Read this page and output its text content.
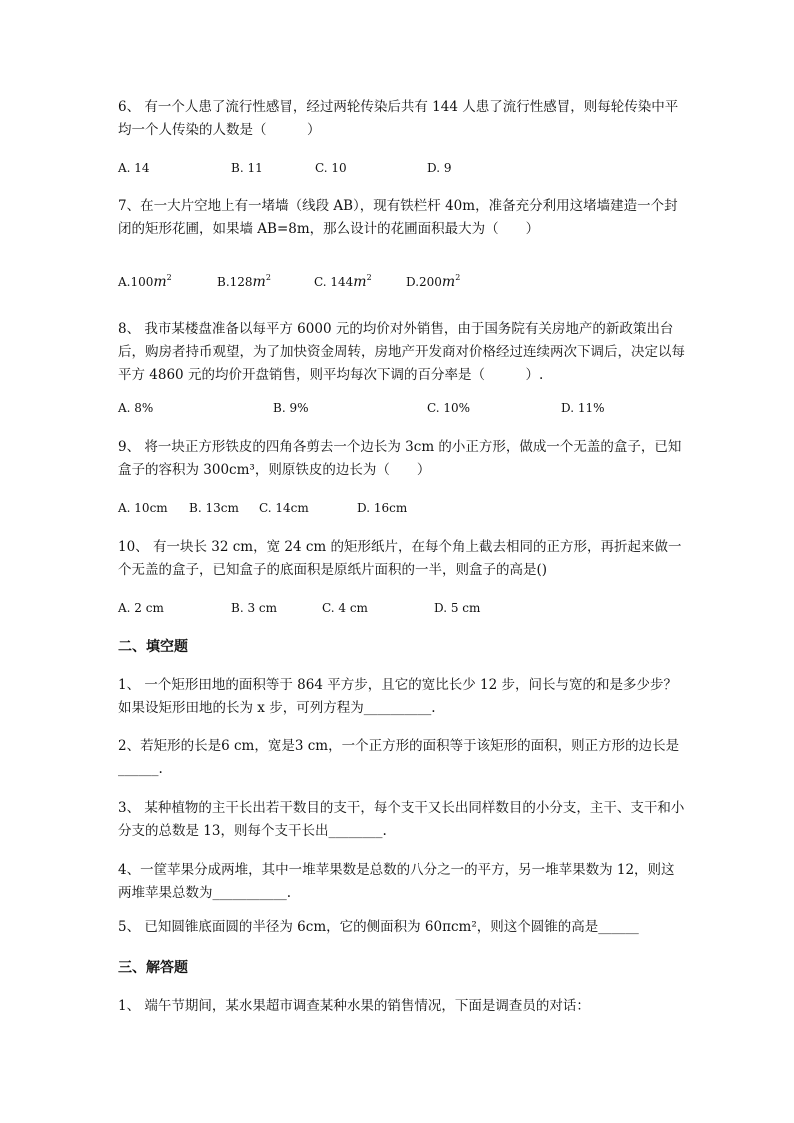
6、 有一个人患了流行性感冒，经过两轮传染后共有 144 人患了流行性感冒，则每轮传染中平均一个人传染的人数是（　　　）
A. 14	B. 11	C. 10	D. 9
7、在一大片空地上有一堵墙（线段 AB），现有铁栏杆 40m，准备充分利用这堵墙建造一个封闭的矩形花圃，如果墙 AB=8m，那么设计的花圃面积最大为（　　）
$A.100m^2$	$B.128m^2$	C. $144m^2$	$D.200m^2$
8、 我市某楼盘准备以每平方 6000 元的均价对外销售，由于国务院有关房地产的新政策出台后，购房者持币观望，为了加快资金周转，房地产开发商对价格经过连续两次下调后，决定以每平方 4860 元的均价开盘销售，则平均每次下调的百分率是（　　　）.
A. 8%	B. 9%	C. 10%	D. 11%
9、 将一块正方形铁皮的四角各剪去一个边长为 3cm 的小正方形，做成一个无盖的盒子，已知盒子的容积为 300cm³，则原铁皮的边长为（　　）
A. 10cm B. 13cm C. 14cm	D. 16cm
10、 有一块长 32 cm，宽 24 cm 的矩形纸片，在每个角上截去相同的正方形，再折起来做一个无盖的盒子，已知盒子的底面积是原纸片面积的一半，则盒子的高是()
A. 2 cm	B. 3 cm	C. 4 cm	D. 5 cm
二、填空题
1、 一个矩形田地的面积等于 864 平方步，且它的宽比长少 12 步，问长与宽的和是多少步？如果设矩形田地的长为 x 步，可列方程为__________.
2、若矩形的长是6 cm，宽是3 cm，一个正方形的面积等于该矩形的面积，则正方形的边长是______.
3、 某种植物的主干长出若干数目的支干，每个支干又长出同样数目的小分支，主干、支干和小分支的总数是 13，则每个支干长出________.
4、一筐苹果分成两堆，其中一堆苹果数是总数的八分之一的平方，另一堆苹果数为 12，则这两堆苹果总数为___________.
5、 已知圆锥底面圆的半径为 6cm，它的侧面积为 60πcm²，则这个圆锥的高是______
三、解答题
1、 端午节期间，某水果超市调查某种水果的销售情况，下面是调查员的对话：
